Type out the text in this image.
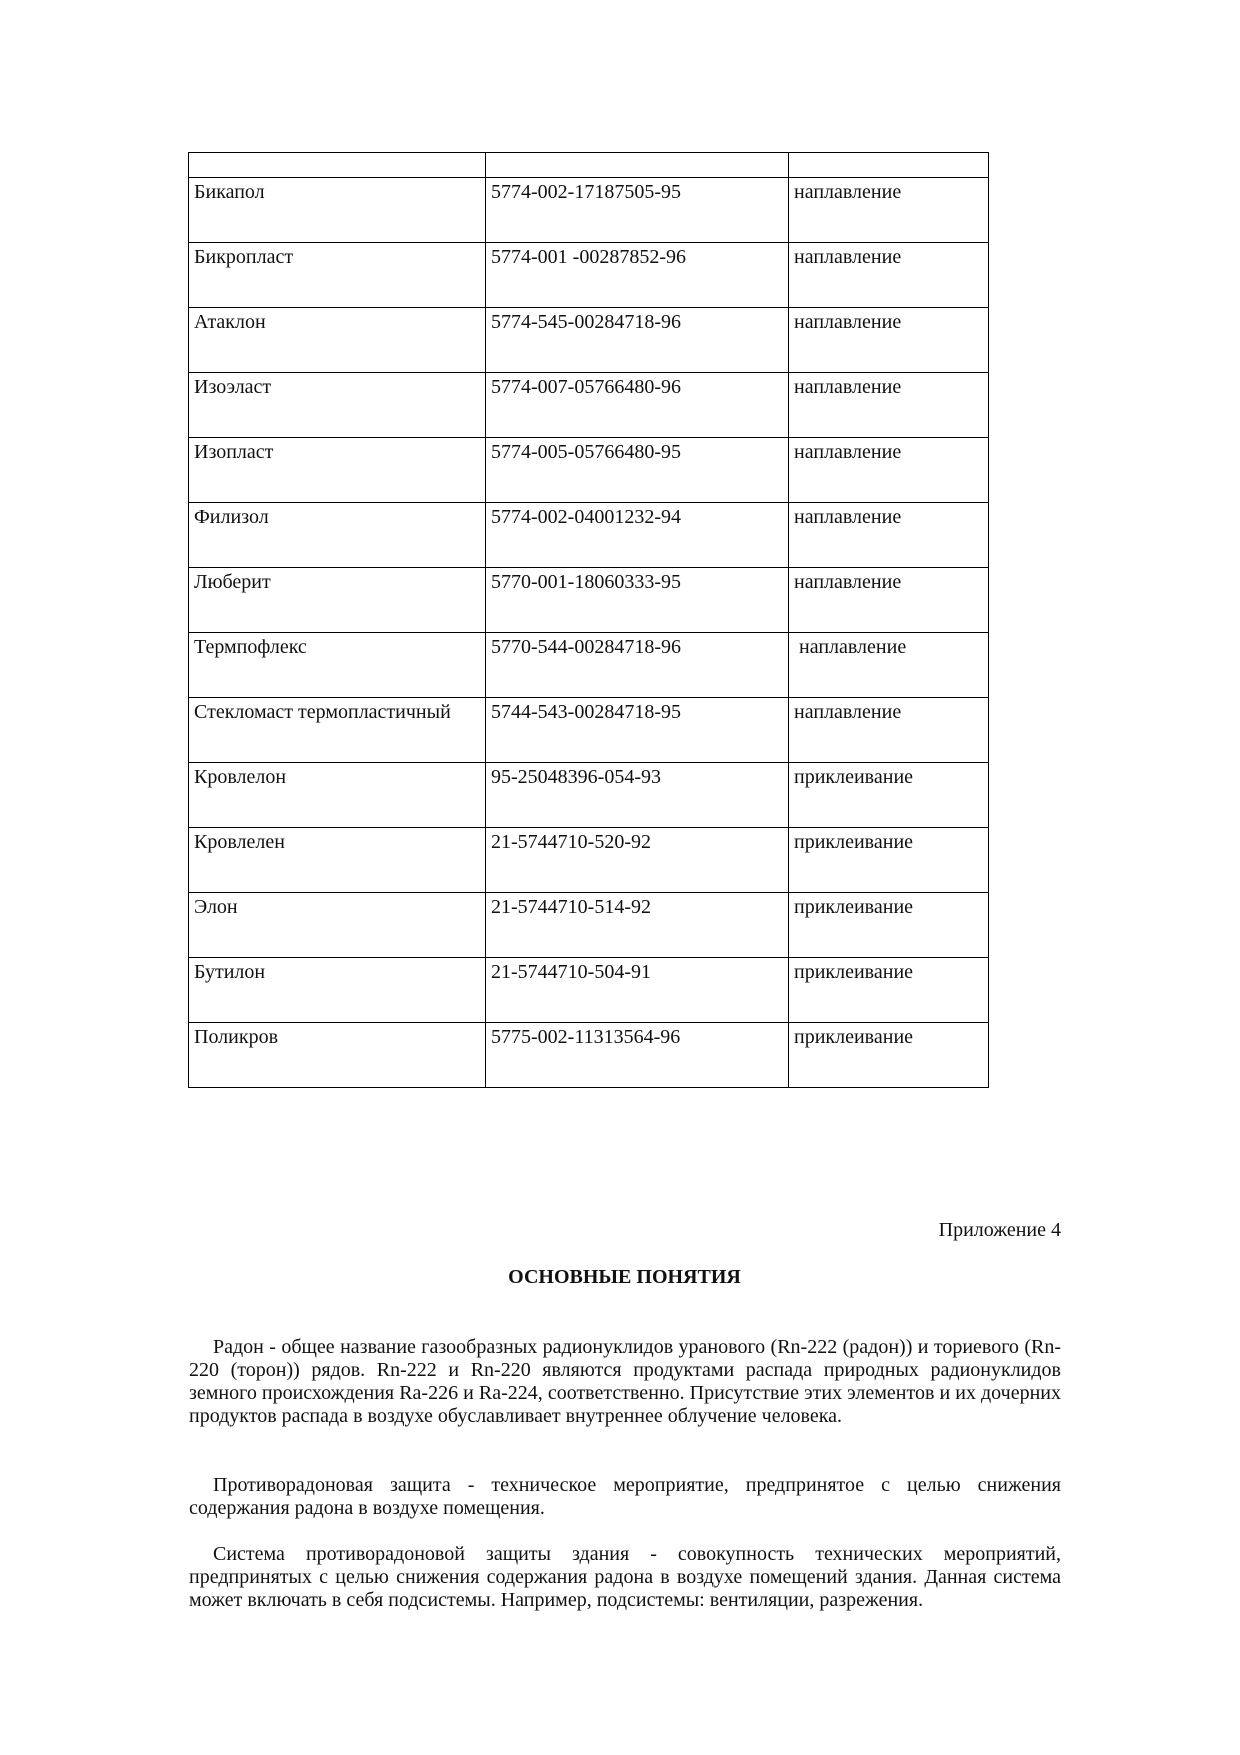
Бикапол	5774-002-17187505-95	наплавление
Бикропласт	5774-001 -00287852-96	наплавление
Атаклон	5774-545-00284718-96	наплавление
Изоэласт	5774-007-05766480-96	наплавление
Изопласт	5774-005-05766480-95	наплавление
Филизол	5774-002-04001232-94	наплавление
Люберит	5770-001-18060333-95	наплавление
Термпофлекс	5770-544-00284718-96	наплавление
Стекломаст термопластичный	5744-543-00284718-95	наплавление
Кровлелон	95-25048396-054-93	приклеивание
Кровлелен	21-5744710-520-92	приклеивание
Элон	21-5744710-514-92	приклеивание
Бутилон	21-5744710-504-91	приклеивание
Поликров	5775-002-11313564-96	приклеивание
Приложение 4
ОСНОВНЫЕ ПОНЯТИЯ

Радон - общее название газообразных радионуклидов уранового (Rn-222 (радон)) и ториевого (Rn-220 (торон)) рядов. Rn-222 и Rn-220 являются продуктами распада природных радионуклидов земного происхождения Ra-226 и Ra-224, соответственно. Присутствие этих элементов и их дочерних продуктов распада в воздухе обуславливает внутреннее облучение человека.

Противорадоновая защита - техническое мероприятие, предпринятое с целью снижения содержания радона в воздухе помещения.

Система противорадоновой защиты здания - совокупность технических мероприятий, предпринятых с целью снижения содержания радона в воздухе помещений здания. Данная система может включать в себя подсистемы. Например, подсистемы: вентиляции, разрежения.
